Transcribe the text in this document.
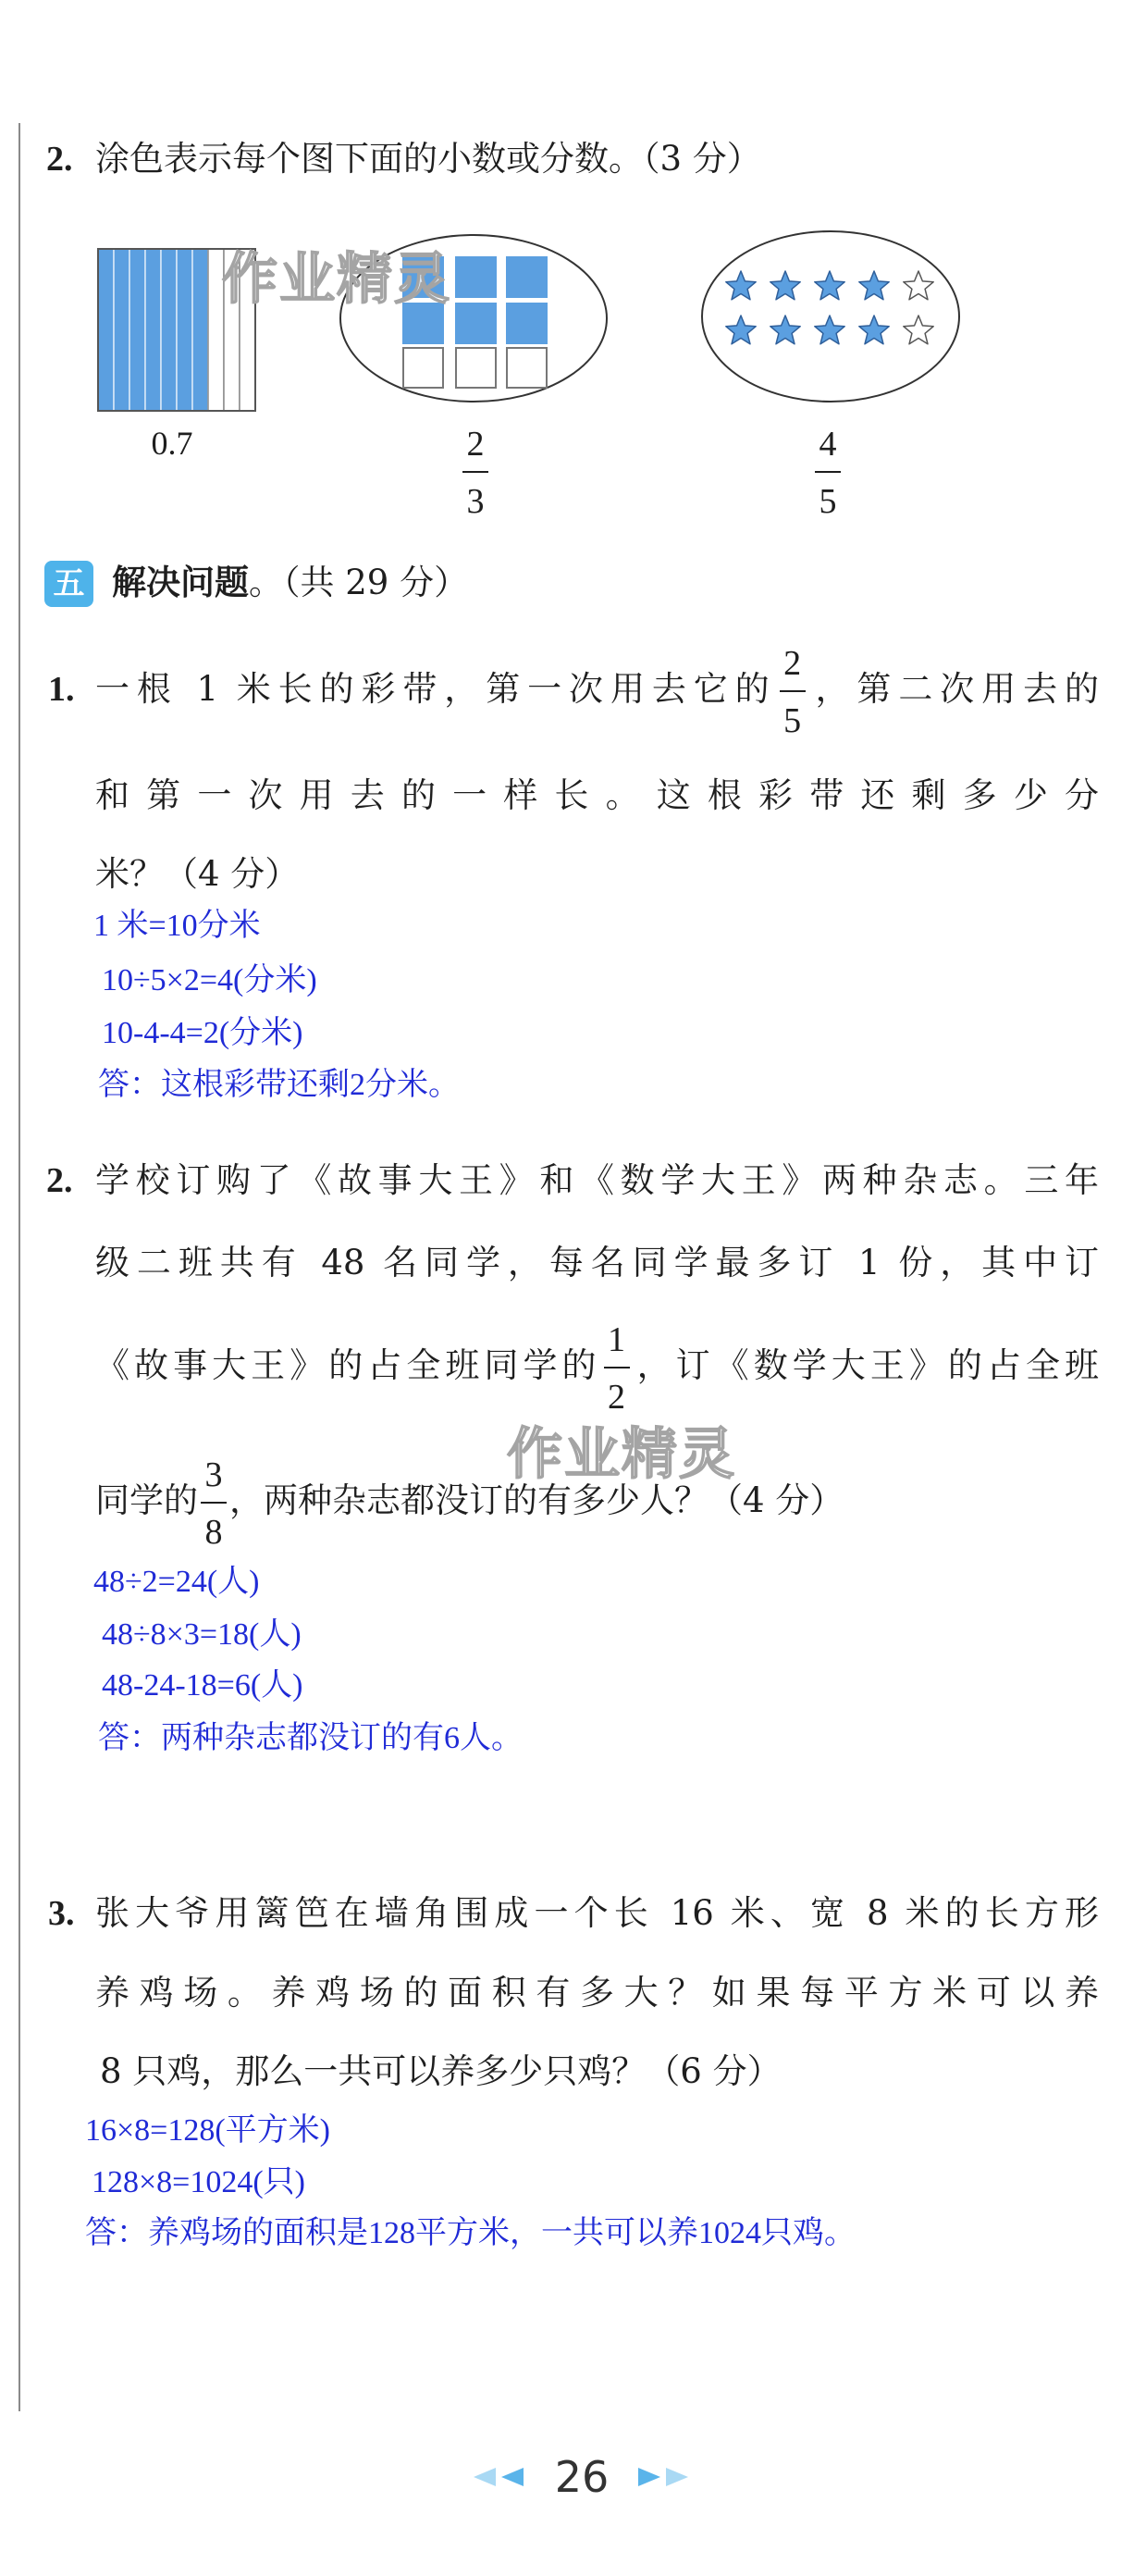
2. 涂色表示每个图下面的小数或分数。（3 分）
0.7	$\frac{2}{3}$	$\frac{4}{5}$
作业精灵
五 解决问题。（共 29 分）
1. 一根 1 米长的彩带，第一次用去它的 $\frac{2}{5}$ ，第二次用去的
和第一次用去的一样长。这根彩带还剩多少分
米？（4 分）
1 米=10分米
10÷5×2=4(分米)
10-4-4=2(分米)
答：这根彩带还剩2分米。
2. 学校订购了《故事大王》和《数学大王》两种杂志。三年
级二班共有 48 名同学，每名同学最多订 1 份，其中订
《故事大王》的占全班同学的 $\frac{1}{2}$ ，订《数学大王》的占全班
同学的 $\frac{3}{8}$ ，两种杂志都没订的有多少人？（4 分）
作业精灵
48÷2=24(人)
48÷8×3=18(人)
48-24-18=6(人)
答：两种杂志都没订的有6人。
3. 张大爷用篱笆在墙角围成一个长 16 米、宽 8 米的长方形
养鸡场。养鸡场的面积有多大？如果每平方米可以养
8 只鸡，那么一共可以养多少只鸡？（6 分）
16×8=128(平方米)
128×8=1024(只)
答：养鸡场的面积是128平方米，一共可以养1024只鸡。
26
